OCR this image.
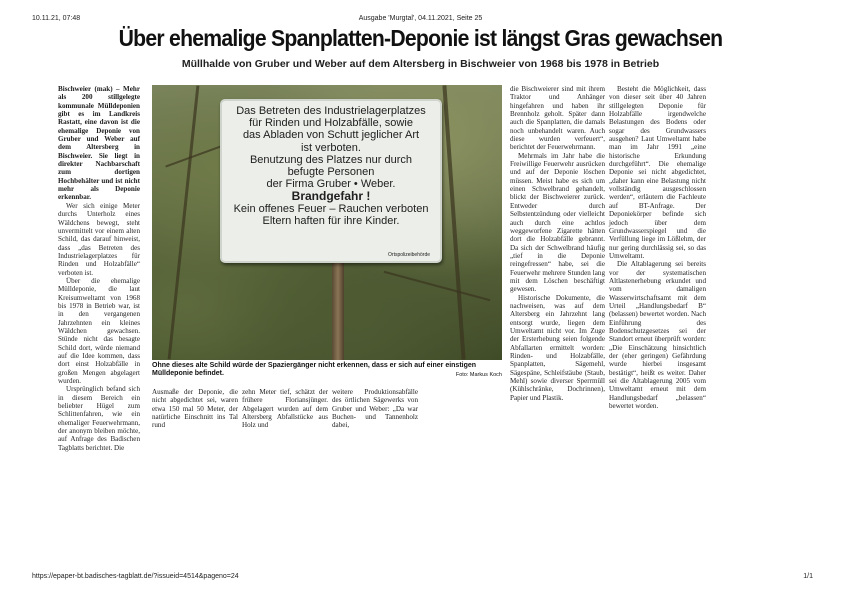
10.11.21, 07:48	Ausgabe 'Murgtal', 04.11.2021, Seite 25
Über ehemalige Spanplatten-Deponie ist längst Gras gewachsen
Müllhalde von Gruber und Weber auf dem Altersberg in Bischweier von 1968 bis 1978 in Betrieb

Bischweier (mak) – Mehr als 200 stillgelegte kommunale Mülldeponien gibt es im Landkreis Rastatt, eine davon ist die ehemalige Deponie von Gruber und Weber auf dem Altersberg in Bischweier. Sie liegt in direkter Nachbarschaft zum dortigen Hochbehälter und ist nicht mehr als Deponie erkennbar.

Wer sich einige Meter durchs Unterholz eines Wäldchens bewegt, steht unvermittelt vor einem alten Schild, das darauf hinweist, dass „das Betreten des Industrielagerplatzes für Rinden und Holzabfälle“ verboten ist.

Über die ehemalige Mülldeponie, die laut Kreisumweltamt von 1968 bis 1978 in Betrieb war, ist in den vergangenen Jahrzehnten ein kleines Wäldchen gewachsen. Stünde nicht das besagte Schild dort, würde niemand auf die Idee kommen, dass dort einst Holzabfälle in großen Mengen abgelagert wurden.

Ursprünglich befand sich in diesem Bereich ein beliebter Hügel zum Schlittenfahren, wie ein ehemaliger Feuerwehrmann, der anonym bleiben möchte, auf Anfrage des Badischen Tagblatts berichtet. Die

Das Betreten des Industrielagerplatzes
für Rinden und Holzabfälle, sowie
das Abladen von Schutt jeglicher Art
ist verboten.
Benutzung des Platzes nur durch
befugte Personen
der Firma Gruber • Weber.
Brandgefahr !
Kein offenes Feuer – Rauchen verboten
Eltern haften für ihre Kinder.
Ortspolizeibehörde
Ohne dieses alte Schild würde der Spaziergänger nicht erkennen, dass er sich auf einer einstigen Mülldeponie befindet.	Foto: Markus Koch
Ausmaße der Deponie, die nicht abgedichtet sei, waren etwa 150 mal 50 Meter, der natürliche Einschnitt ins Tal rund
zehn Meter tief, schätzt der frühere Floriansjünger. Abgelagert wurden auf dem Altersberg Abfallstücke aus Holz und
weitere Produktionsabfälle des örtlichen Sägewerks von Gruber und Weber: „Da war Buchen- und Tannenholz dabei,

die Bischweierer sind mit ihrem Traktor und Anhänger hingefahren und haben ihr Brennholz geholt. Später dann auch die Spanplatten, die damals noch unbehandelt waren. Auch diese wurden verfeuert“, berichtet der Feuerwehrmann.

Mehrmals im Jahr habe die Freiwillige Feuerwehr ausrücken und auf der Deponie löschen müssen. Meist habe es sich um einen Schwelbrand gehandelt, blickt der Bischweierer zurück. Entweder durch Selbstentzündung oder vielleicht auch durch eine achtlos weggeworfene Zigarette hätten dort die Holzabfälle gebrannt. Da sich der Schwelbrand häufig „tief in die Deponie reingefressen“ habe, sei die Feuerwehr mehrere Stunden lang mit dem Löschen beschäftigt gewesen.

Historische Dokumente, die nachweisen, was auf dem Altersberg ein Jahrzehnt lang entsorgt wurde, liegen dem Umweltamt nicht vor. Im Zuge der Ersterhebung seien folgende Abfallarten ermittelt worden: Rinden- und Holzabfälle, Spanplatten, Sägemehl, Sägespäne, Schleifstäube (Staub, Mehl) sowie diverser Sperrmüll (Kühlschränke, Dochrinnen), Papier und Plastik.

Besteht die Möglichkeit, dass von dieser seit über 40 Jahren stillgelegten Deponie für Holzabfälle irgendwelche Belastungen des Bodens oder sogar des Grundwassers ausgehen? Laut Umweltamt habe man im Jahr 1991 „eine historische Erkundung durchgeführt“. Die ehemalige Deponie sei nicht abgedichtet, „daher kann eine Belastung nicht vollständig ausgeschlossen werden“, erläutern die Fachleute auf BT-Anfrage. Der Deponiekörper befinde sich jedoch über dem Grundwasserspiegel und die Verfüllung liege im Lößlehm, der nur gering durchlässig sei, so das Umweltamt.

Die Altablagerung sei bereits vor der systematischen Altlastenerhebung erkundet und vom damaligen Wasserwirtschaftsamt mit dem Urteil „Handlungsbedarf B“ (belassen) bewertet worden. Nach Einführung des Bodenschutzgesetzes sei der Standort erneut überprüft worden: „Die Einschätzung hinsichtlich der (eher geringen) Gefährdung wurde hierbei insgesamt bestätigt“, heißt es weiter. Daher sei die Altablagerung 2005 vom Umweltamt erneut mit dem Handlungsbedarf „belassen“ bewertet worden.

https://epaper-bt.badisches-tagblatt.de/?issueid=4514&pageno=24	1/1
